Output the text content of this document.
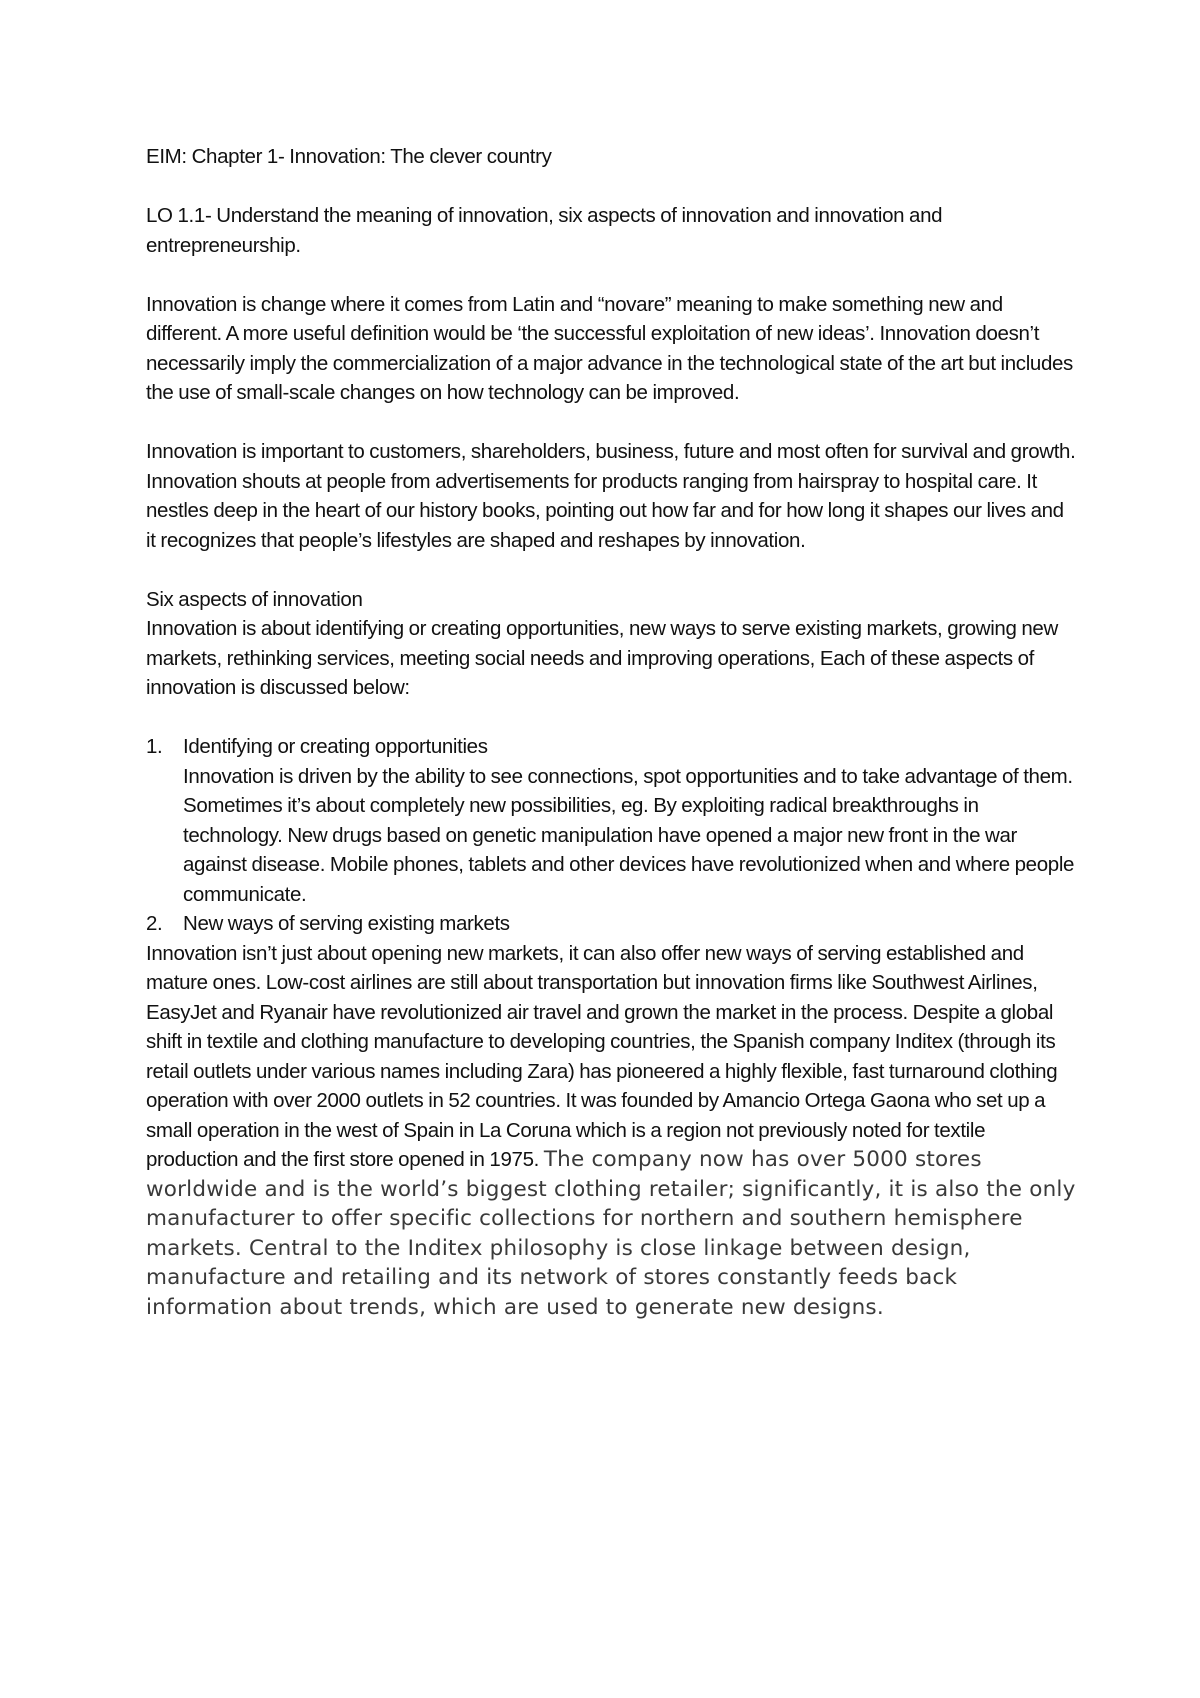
EIM: Chapter 1- Innovation: The clever country

LO 1.1- Understand the meaning of innovation, six aspects of innovation and innovation and entrepreneurship.

Innovation is change where it comes from Latin and “novare” meaning to make something new and different. A more useful definition would be ‘the successful exploitation of new ideas’. Innovation doesn’t necessarily imply the commercialization of a major advance in the technological state of the art but includes the use of small-scale changes on how technology can be improved.

Innovation is important to customers, shareholders, business, future and most often for survival and growth. Innovation shouts at people from advertisements for products ranging from hairspray to hospital care. It nestles deep in the heart of our history books, pointing out how far and for how long it shapes our lives and it recognizes that people’s lifestyles are shaped and reshapes by innovation.

Six aspects of innovation
Innovation is about identifying or creating opportunities, new ways to serve existing markets, growing new markets, rethinking services, meeting social needs and improving operations, Each of these aspects of innovation is discussed below:
1. Identifying or creating opportunities
Innovation is driven by the ability to see connections, spot opportunities and to take advantage of them. Sometimes it’s about completely new possibilities, eg. By exploiting radical breakthroughs in technology. New drugs based on genetic manipulation have opened a major new front in the war against disease. Mobile phones, tablets and other devices have revolutionized when and where people communicate.
2. New ways of serving existing markets

Innovation isn’t just about opening new markets, it can also offer new ways of serving established and mature ones. Low-cost airlines are still about transportation but innovation firms like Southwest Airlines, EasyJet and Ryanair have revolutionized air travel and grown the market in the process. Despite a global shift in textile and clothing manufacture to developing countries, the Spanish company Inditex (through its retail outlets under various names including Zara) has pioneered a highly flexible, fast turnaround clothing operation with over 2000 outlets in 52 countries. It was founded by Amancio Ortega Gaona who set up a small operation in the west of Spain in La Coruna which is a region not previously noted for textile production and the first store opened in 1975. The company now has over 5000 stores worldwide and is the world’s biggest clothing retailer; significantly, it is also the only manufacturer to offer specific collections for northern and southern hemisphere markets. Central to the Inditex philosophy is close linkage between design, manufacture and retailing and its network of stores constantly feeds back information about trends, which are used to generate new designs.
